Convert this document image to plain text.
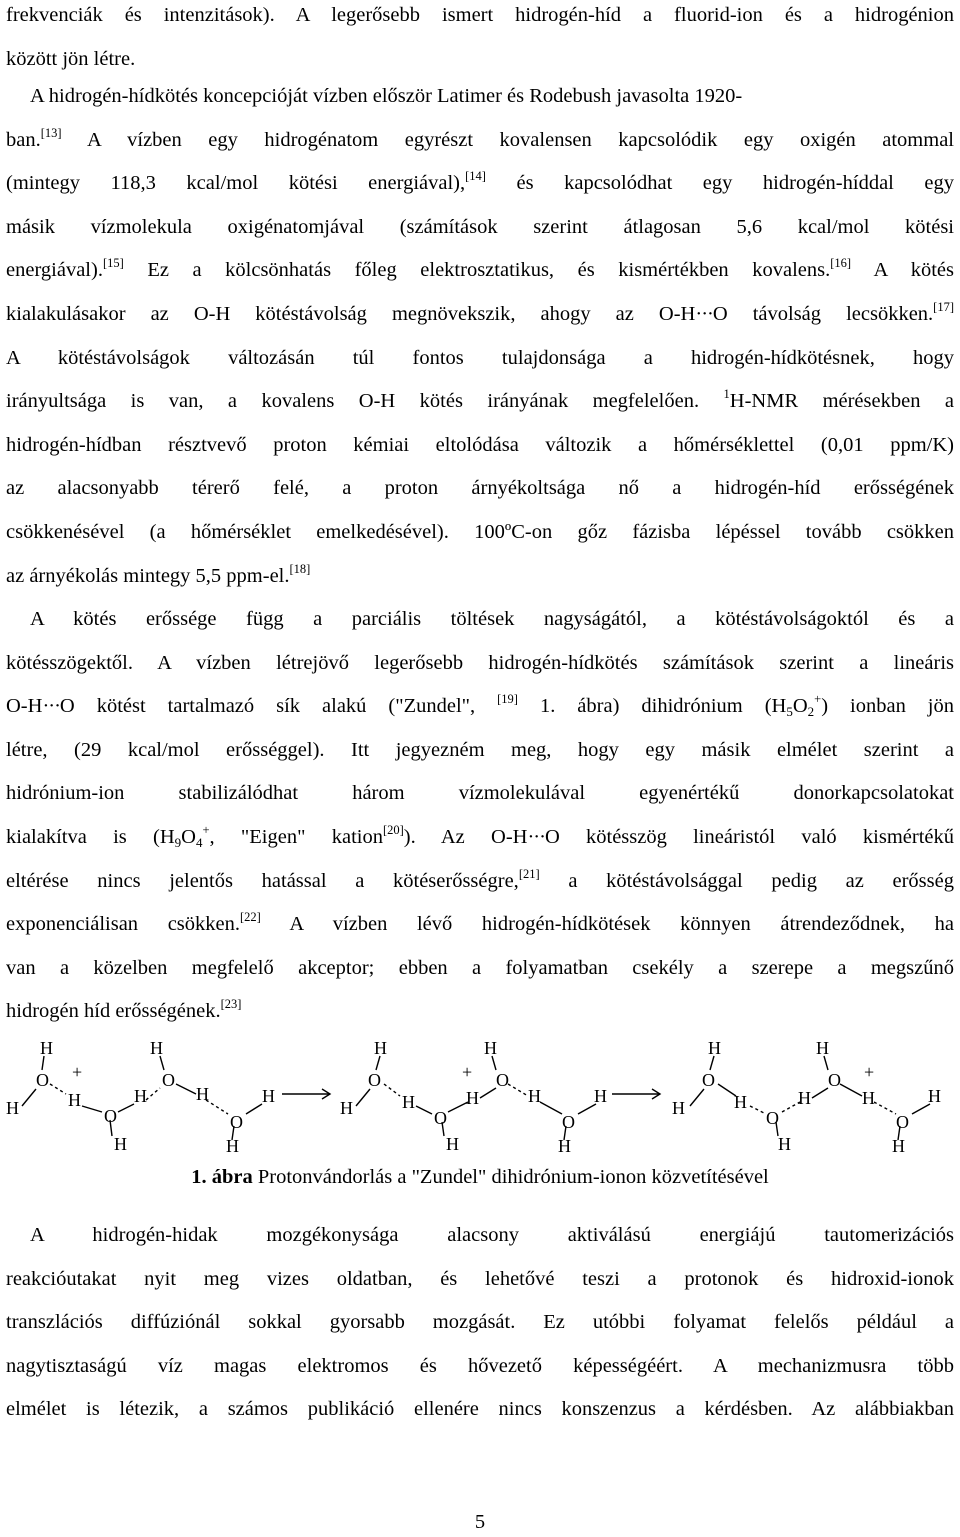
frekvenciák és intenzitások). A legerősebb ismert hidrogén-híd a fluorid-ion és a hidrogénion
között jön létre.
A hidrogén-hídkötés koncepcióját vízben először Latimer és Rodebush javasolta 1920-
ban.[13] A vízben egy hidrogénatom egyrészt kovalensen kapcsolódik egy oxigén atommal
(mintegy 118,3 kcal/mol kötési energiával),[14] és kapcsolódhat egy hidrogén-híddal egy
másik vízmolekula oxigénatomjával (számítások szerint átlagosan 5,6 kcal/mol kötési
energiával).[15] Ez a kölcsönhatás főleg elektrosztatikus, és kismértékben kovalens.[16] A kötés
kialakulásakor az O-H kötéstávolság megnövekszik, ahogy az O-H···O távolság lecsökken.[17]
A kötéstávolságok változásán túl fontos tulajdonsága a hidrogén-hídkötésnek, hogy
irányultsága is van, a kovalens O-H kötés irányának megfelelően. $^1$H-NMR mérésekben a
hidrogén-hídban résztvevő proton kémiai eltolódása változik a hőmérséklettel (0,01 ppm/K)
az alacsonyabb térerő felé, a proton árnyékoltsága nő a hidrogén-híd erősségének
csökkenésével (a hőmérséklet emelkedésével). 100ºC-on gőz fázisba lépéssel tovább csökken
az árnyékolás mintegy 5,5 ppm-el.[18]
A kötés erőssége függ a parciális töltések nagyságától, a kötéstávolságoktól és a
kötésszögektől. A vízben létrejövő legerősebb hidrogén-hídkötés számítások szerint a lineáris
O-H···O kötést tartalmazó sík alakú ("Zundel", [19] 1. ábra) dihidrónium $(H_5O_2^+)$ ionban jön
létre, (29 kcal/mol erősséggel). Itt jegyezném meg, hogy egy másik elmélet szerint a
hidrónium-ion stabilizálódhat három vízmolekulával egyenértékű donorkapcsolatokat
kialakítva is ($H_9O_4^+$, "Eigen" kation[20]). Az O-H···O kötésszög lineáristól való kismértékű
eltérése nincs jelentős hatással a kötéserősségre,[21] a kötéstávolsággal pedig az erősség
exponenciálisan csökken.[22] A vízben lévő hidrogén-hídkötések könnyen átrendeződnek, ha
van a közelben megfelelő akceptor; ebben a folyamatban csekély a szerepe a megszűnő
hidrogén híd erősségének.[23]
H
O
H
+
H
O
H
H
H
O
H
O
H
H
H
O
H	H
O
H
+
H
H
O
H
O
H
H
H
O
H	H
O
H
H
H
O +
H
O
H
H
1. ábra Protonvándorlás a "Zundel" dihidrónium-ionon közvetítésével
A hidrogén-hidak mozgékonysága alacsony aktiválású energiájú tautomerizációs
reakcióutakat nyit meg vizes oldatban, és lehetővé teszi a protonok és hidroxid-ionok
transzlációs diffúziónál sokkal gyorsabb mozgását. Ez utóbbi folyamat felelős például a
nagytisztaságú víz magas elektromos és hővezető képességéért. A mechanizmusra több
elmélet is létezik, a számos publikáció ellenére nincs konszenzus a kérdésben. Az alábbiakban
5
